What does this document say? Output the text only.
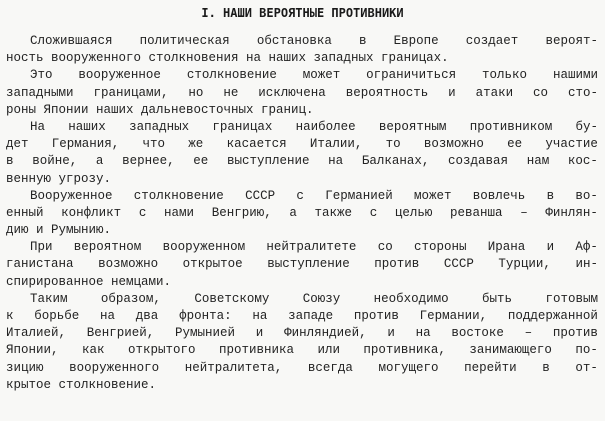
I. НАШИ ВЕРОЯТНЫЕ ПРОТИВНИКИ
Сложившаяся политическая обстановка в Европе создает вероят-
ность вооруженного столкновения на наших западных границах.
Это вооруженное столкновение может ограничиться только нашими
западными границами, но не исключена вероятность и атаки со сто-
роны Японии наших дальневосточных границ.
На наших западных границах наиболее вероятным противником бу-
дет Германия, что же касается Италии, то возможно ее участие
в войне, а вернее, ее выступление на Балканах, создавая нам кос-
венную угрозу.
Вооруженное столкновение СССР с Германией может вовлечь в во-
енный конфликт с нами Венгрию, а также с целью реванша – Финлян-
дию и Румынию.
При вероятном вооруженном нейтралитете со стороны Ирана и Аф-
ганистана возможно открытое выступление против СССР Турции, ин-
спирированное немцами.
Таким	образом,	Советскому	Союзу	необходимо	быть	готовым
к борьбе на два фронта: на западе против Германии, поддержанной
Италией, Венгрией, Румынией и Финляндией, и на востоке – против
Японии, как открытого противника или противника, занимающего по-
зицию вооруженного нейтралитета, всегда могущего перейти в от-
крытое столкновение.
